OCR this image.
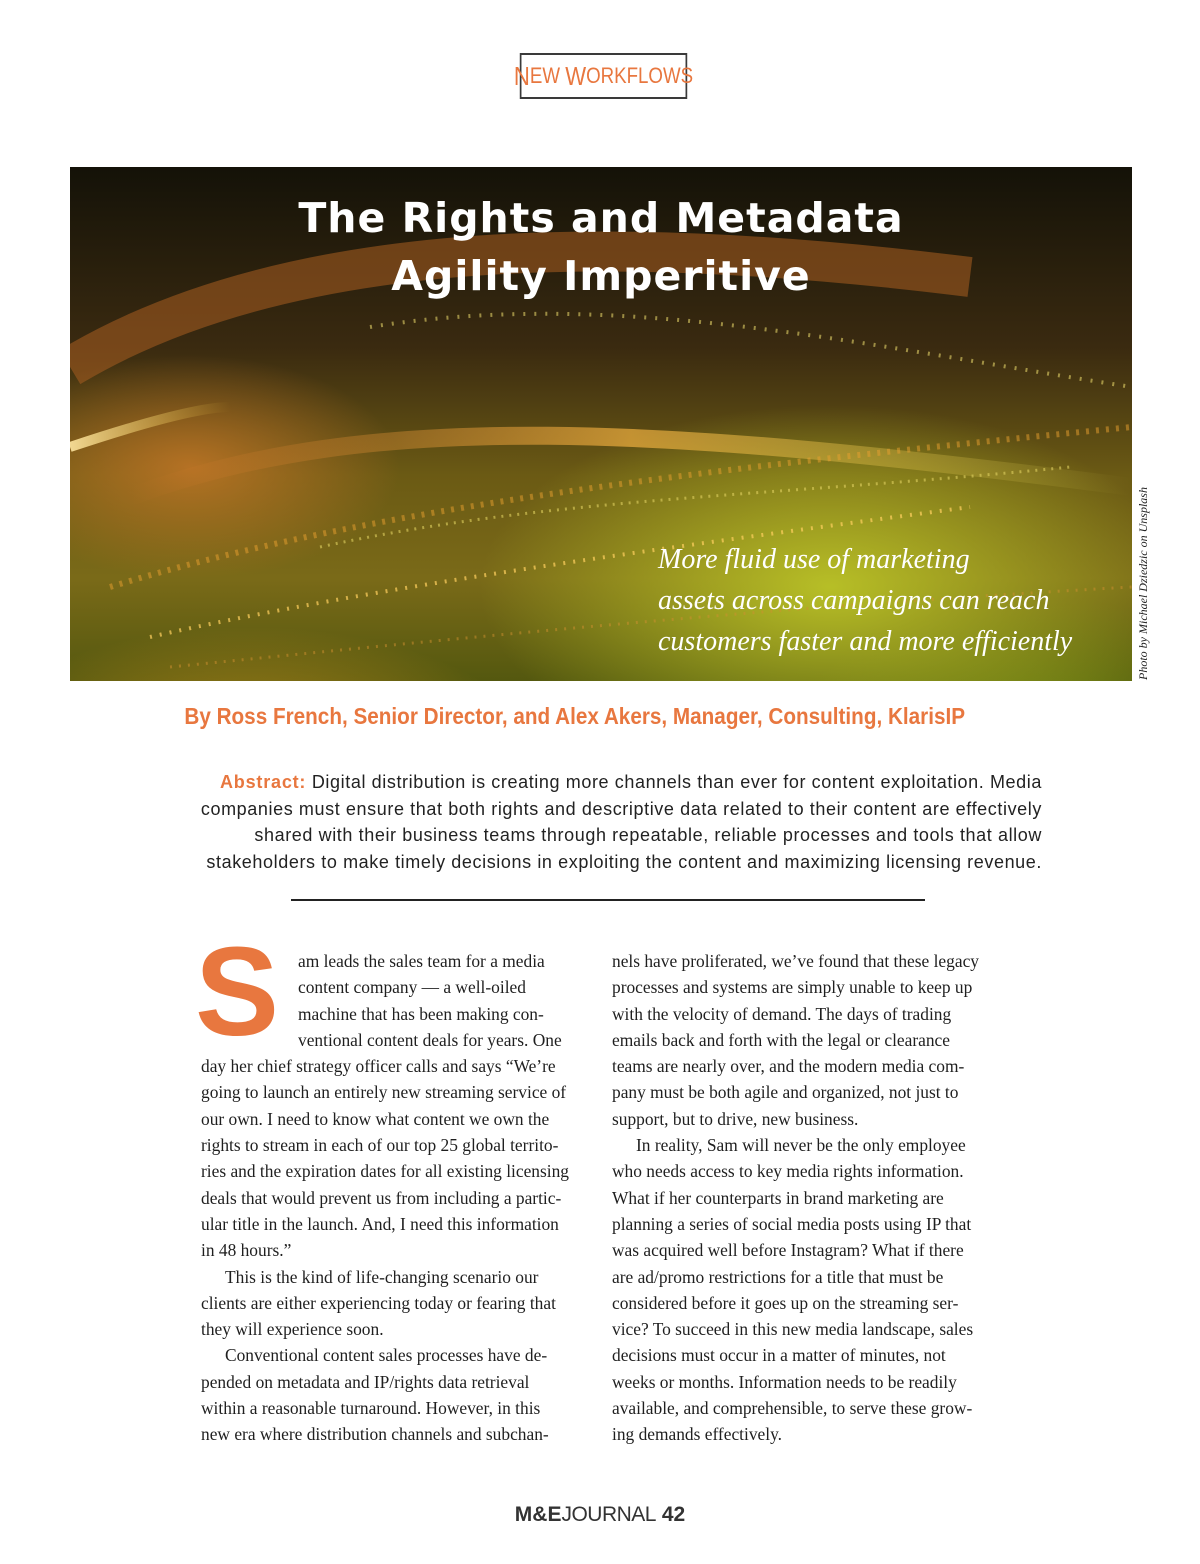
N EW
W ORKFLOWS
The Rights and Metadata
Agility Imperitive
More fluid use of marketing
assets across campaigns can reach
customers faster and more efficiently	Photo by Michael Dziedzic on Unsplash
By Ross French, Senior Director, and Alex Akers, Manager, Consulting, KlarisIP
Abstract: Digital distribution is creating more channels than ever for content exploitation. Media
companies must ensure that both rights and descriptive data related to their content are effectively
shared with their business teams through repeatable, reliable processes and tools that allow
stakeholders to make timely decisions in exploiting the content and maximizing licensing revenue.
S	am leads the sales team for a media
content company — a well-oiled
machine that has been making con-
ventional content deals for years. One
day her chief strategy officer calls and says “We’re
going to launch an entirely new streaming service of
our own. I need to know what content we own the
rights to stream in each of our top 25 global territo-
ries and the expiration dates for all existing licensing
deals that would prevent us from including a partic-
ular title in the launch. And, I need this information
in 48 hours.”
This is the kind of life-changing scenario our
clients are either experiencing today or fearing that
they will experience soon.
Conventional content sales processes have de-
pended on metadata and IP/rights data retrieval
within a reasonable turnaround. However, in this
new era where distribution channels and subchan-
nels have proliferated, we’ve found that these legacy
processes and systems are simply unable to keep up
with the velocity of demand. The days of trading
emails back and forth with the legal or clearance
teams are nearly over, and the modern media com-
pany must be both agile and organized, not just to
support, but to drive, new business.
In reality, Sam will never be the only employee
who needs access to key media rights information.
What if her counterparts in brand marketing are
planning a series of social media posts using IP that
was acquired well before Instagram? What if there
are ad/promo restrictions for a title that must be
considered before it goes up on the streaming ser-
vice? To succeed in this new media landscape, sales
decisions must occur in a matter of minutes, not
weeks or months. Information needs to be readily
available, and comprehensible, to serve these grow-
ing demands effectively.
M&EJOURNAL 42
